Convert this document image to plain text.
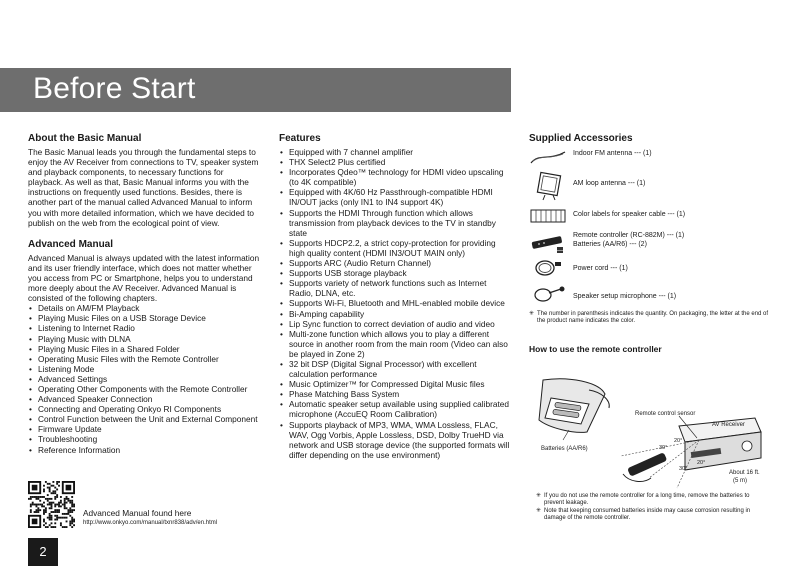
Before Start
About the Basic Manual

The Basic Manual leads you through the fundamental steps to enjoy the AV Receiver from connections to TV, speaker system and playback components, to necessary functions for playback. As well as that, Basic Manual informs you with the instructions on frequently used functions. Besides, there is another part of the manual called Advanced Manual to inform you with more detailed information, which we have decided to publish on the web from the ecological point of view.

Advanced Manual

Advanced Manual is always updated with the latest information and its user friendly interface, which does not matter whether you access from PC or Smartphone, helps you to understand more deeply about the AV Receiver. Advanced Manual is consisted of the following chapters.

• Details on AM/FM Playback
• Playing Music Files on a USB Storage Device
• Listening to Internet Radio
• Playing Music with DLNA
• Playing Music Files in a Shared Folder
• Operating Music Files with the Remote Controller
• Listening Mode
• Advanced Settings
• Operating Other Components with the Remote Controller
• Advanced Speaker Connection
• Connecting and Operating Onkyo RI Components
• Control Function between the Unit and External Component
• Firmware Update
• Troubleshooting
• Reference Information
Advanced Manual found here
http://www.onkyo.com/manual/txnr838/adv/en.html
2
Features
• Equipped with 7 channel amplifier
• THX Select2 Plus certified
• Incorporates Qdeo™ technology for HDMI video upscaling (to 4K compatible)
• Equipped with 4K/60 Hz Passthrough-compatible HDMI IN/OUT jacks (only IN1 to IN4 support 4K)
• Supports the HDMI Through function which allows transmission from playback devices to the TV in standby state
• Supports HDCP2.2, a strict copy-protection for providing high quality content (HDMI IN3/OUT MAIN only)
• Supports ARC (Audio Return Channel)
• Supports USB storage playback
• Supports variety of network functions such as Internet Radio, DLNA, etc.
• Supports Wi-Fi, Bluetooth and MHL-enabled mobile device
• Bi-Amping capability
• Lip Sync function to correct deviation of audio and video
• Multi-zone function which allows you to play a different source in another room from the main room (Video can also be played in Zone 2)
• 32 bit DSP (Digital Signal Processor) with excellent calculation performance
• Music Optimizer™ for Compressed Digital Music files
• Phase Matching Bass System
• Automatic speaker setup available using supplied calibrated microphone (AccuEQ Room Calibration)
• Supports playback of MP3, WMA, WMA Lossless, FLAC, WAV, Ogg Vorbis, Apple Lossless, DSD, Dolby TrueHD via network and USB storage device (the supported formats will differ depending on the use environment)
Supplied Accessories
Indoor FM antenna --- (1)
AM loop antenna --- (1)
Color labels for speaker cable --- (1)
Remote controller (RC-882M) --- (1)
Batteries (AA/R6) --- (2)
Power cord --- (1)
Speaker setup microphone --- (1)
✳ The number in parenthesis indicates the quantity. On packaging, the letter at the end of the product name indicates the color.
How to use the remote controller
Batteries (AA/R6)
Remote control sensor
AV Receiver
20°
30°
20°
30°
About 16 ft.
(5 m)
✳ If you do not use the remote controller for a long time, remove the batteries to prevent leakage.
✳ Note that keeping consumed batteries inside may cause corrosion resulting in damage of the remote controller.
